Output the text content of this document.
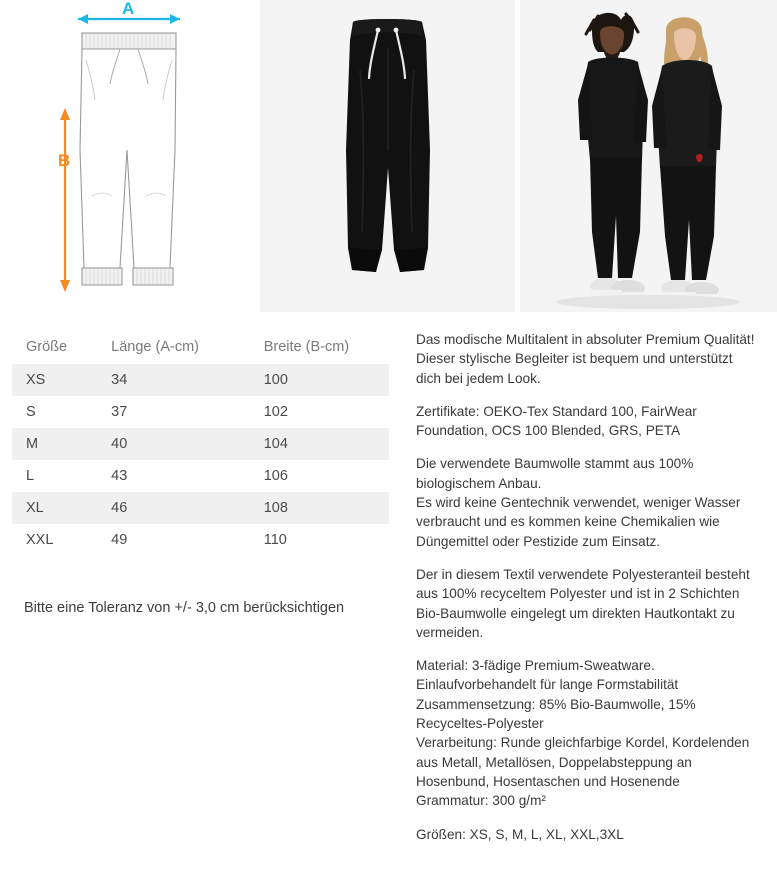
A
B
Größe	Länge (A-cm)	Breite (B-cm)
XS	34	100
S	37	102
M	40	104
L	43	106
XL	46	108
XXL	49	110
Bitte eine Toleranz von +/- 3,0 cm berücksichtigen

Das modische Multitalent in absoluter Premium Qualität! Dieser stylische Begleiter ist bequem und unterstützt dich bei jedem Look.

Zertifikate: OEKO-Tex Standard 100, FairWear Foundation, OCS 100 Blended, GRS, PETA

Die verwendete Baumwolle stammt aus 100% biologischem Anbau.

Es wird keine Gentechnik verwendet, weniger Wasser verbraucht und es kommen keine Chemikalien wie Düngemittel oder Pestizide zum Einsatz.

Der in diesem Textil verwendete Polyesteranteil besteht aus 100% recyceltem Polyester und ist in 2 Schichten Bio-Baumwolle eingelegt um direkten Hautkontakt zu vermeiden.

Material: 3-fädige Premium-Sweatware. Einlaufvorbehandelt für lange Formstabilität

Zusammensetzung: 85% Bio-Baumwolle, 15% Recyceltes-Polyester

Verarbeitung: Runde gleichfarbige Kordel, Kordelenden aus Metall, Metallösen, Doppelabsteppung an Hosenbund, Hosentaschen und Hosenende

Grammatur: 300 g/m²

Größen: XS, S, M, L, XL, XXL,3XL
